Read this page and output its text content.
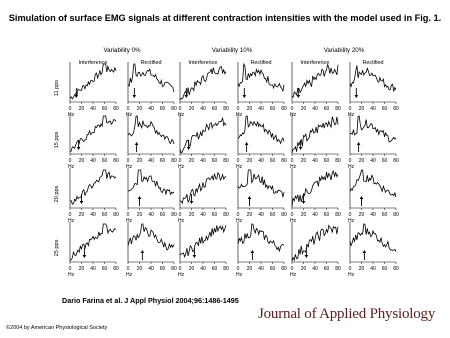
Simulation of surface EMG signals at different contraction intensities with the model used in Fig. 1.
Variability 0%
Interference	Rectified
Variability 10%
Interference	Rectified
Variability 20%
Interference	Rectified
11 pps
15 pps
20 pps
25 pps
0 20 40 60 80
Hz
0 20 40 60 80
Hz
0 20 40 60 80
Hz
0 20 40 60 80
Hz
0 20 40 60 80
Hz
0 20 40 60 80
Hz
0 20 40 60 80
Hz
0 20 40 60 80
Hz
0 20 40 60 80
Hz
0 20 40 60 80
Hz
0 20 40 60 80
Hz
0 20 40 60 80
Hz
0 20 40 60 80
Hz
0 20 40 60 80
Hz
0 20 40 60 80
Hz
0 20 40 60 80
Hz
0 20 40 60 80
Hz
0 20 40 60 80
Hz
0 20 40 60 80
Hz
0 20 40 60 80
Hz
0 20 40 60 80
Hz
0 20 40 60 80
Hz
0 20 40 60 80
Hz
0 20 40 60 80
Hz
Dario Farina et al. J Appl Physiol 2004;96:1486-1495
Journal of Applied Physiology
©2004 by American Physiological Society
